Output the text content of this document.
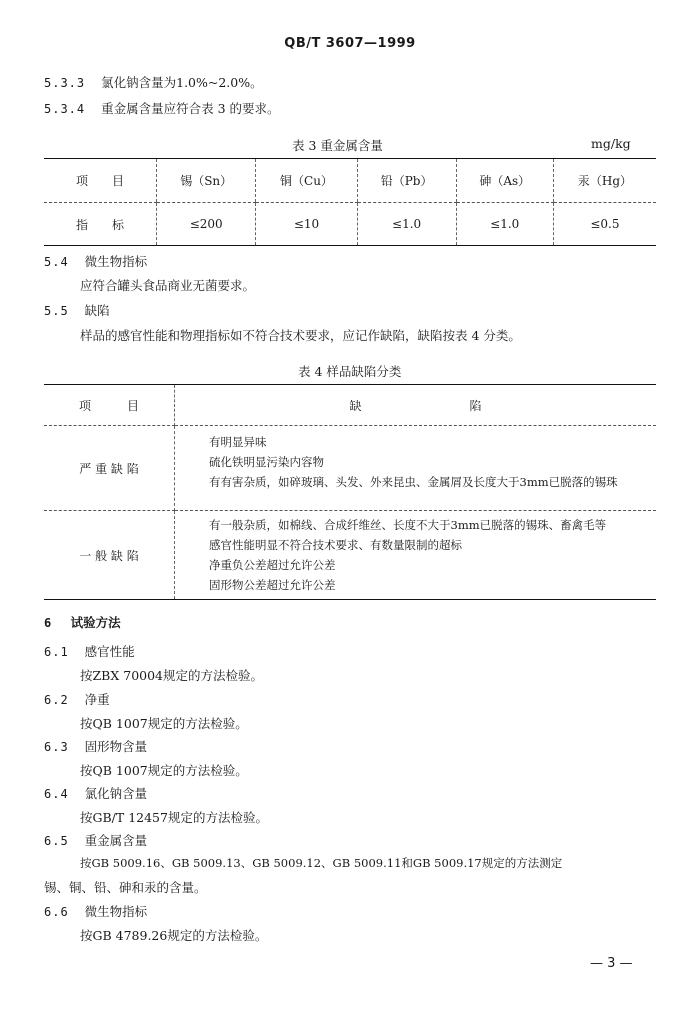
QB/T 3607—1999
5.3.3 氯化钠含量为1.0%~2.0%。
5.3.4 重金属含量应符合表 3 的要求。
表 3 重金属含量	mg/kg
项　　目	锡（Sn）	铜（Cu）	铅（Pb）	砷（As）	汞（Hg）
指　　标	≤200	≤10	≤1.0	≤1.0	≤0.5
5.4 微生物指标
应符合罐头食品商业无菌要求。
5.5 缺陷
样品的感官性能和物理指标如不符合技术要求，应记作缺陷，缺陷按表 4 分类。
表 4 样品缺陷分类
项　　　目	缺　　　　　　　　　陷
严 重 缺 陷	有明显异味
硫化铁明显污染内容物
有有害杂质，如碎玻璃、头发、外来昆虫、金属屑及长度大于3mm已脱落的锡珠

一 般 缺 陷	有一般杂质，如棉线、合成纤维丝、长度不大于3mm已脱落的锡珠、畜禽毛等
感官性能明显不符合技术要求、有数量限制的超标
净重负公差超过允许公差
固形物公差超过允许公差
6 试验方法
6.1 感官性能
按ZBX 70004规定的方法检验。
6.2 净重
按QB 1007规定的方法检验。
6.3 固形物含量
按QB 1007规定的方法检验。
6.4 氯化钠含量
按GB/T 12457规定的方法检验。
6.5 重金属含量
按GB 5009.16、GB 5009.13、GB 5009.12、GB 5009.11和GB 5009.17规定的方法测定
锡、铜、铅、砷和汞的含量。
6.6 微生物指标
按GB 4789.26规定的方法检验。
— 3 —
